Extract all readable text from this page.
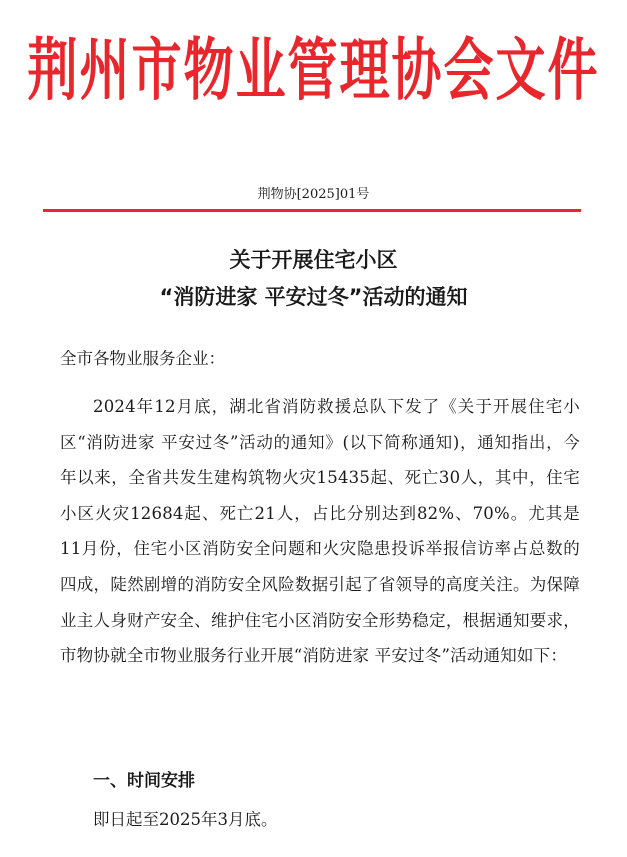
荆州市物业管理协会文件
荆物协[2025]01号
关于开展住宅小区
“消防进家 平安过冬”活动的通知
全市各物业服务企业：
2024年12月底，湖北省消防救援总队下发了《关于开展住宅小区“消防进家 平安过冬”活动的通知》(以下简称通知)，通知指出，今年以来，全省共发生建构筑物火灾15435起、死亡30人，其中，住宅小区火灾12684起、死亡21人，占比分别达到82%、70%。尤其是11月份，住宅小区消防安全问题和火灾隐患投诉举报信访率占总数的四成，陡然剧增的消防安全风险数据引起了省领导的高度关注。为保障业主人身财产安全、维护住宅小区消防安全形势稳定，根据通知要求，市物协就全市物业服务行业开展“消防进家 平安过冬”活动通知如下：
一、时间安排
即日起至2025年3月底。
